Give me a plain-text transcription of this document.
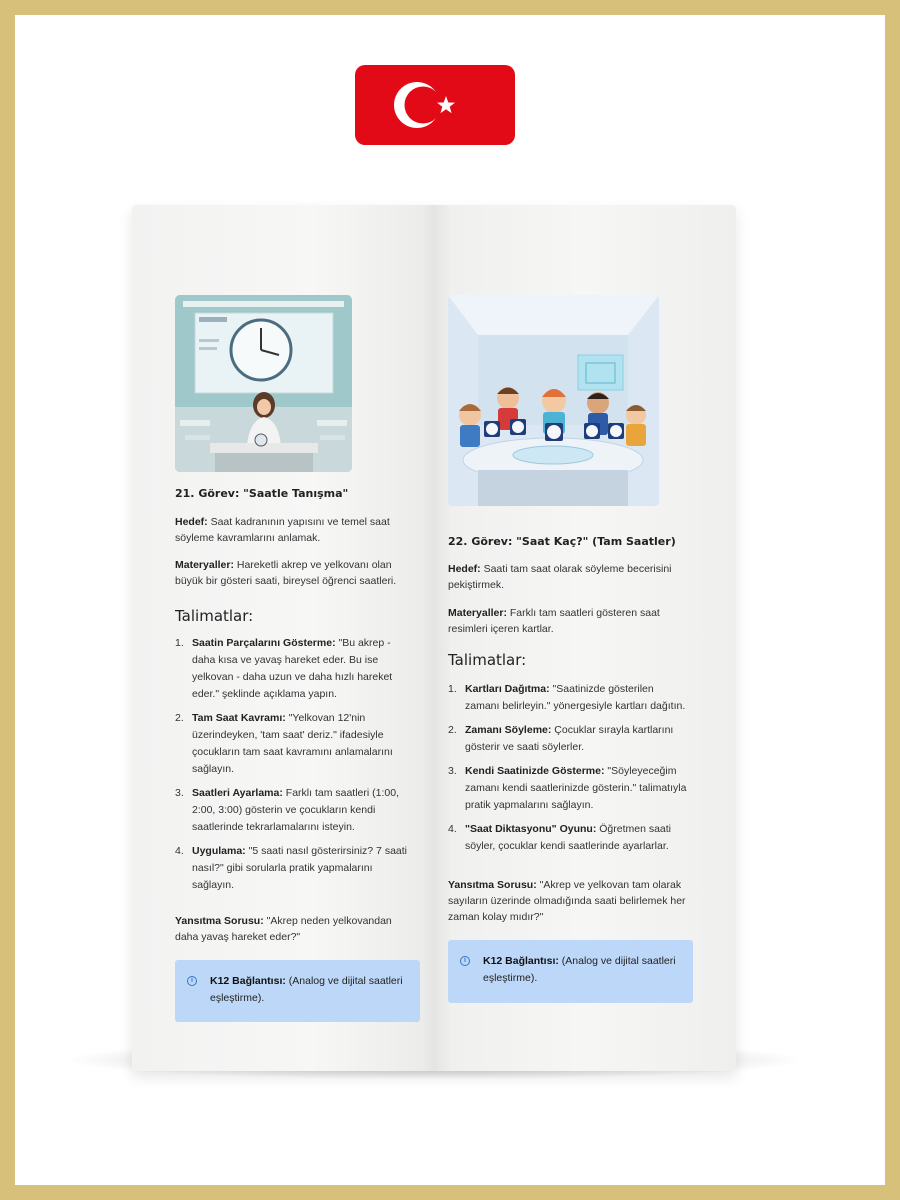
21. Görev: "Saatle Tanışma"
Hedef: Saat kadranının yapısını ve temel saat söyleme kavramlarını anlamak.
Materyaller: Hareketli akrep ve yelkovanı olan büyük bir gösteri saati, bireysel öğrenci saatleri.
Talimatlar:
1. Saatin Parçalarını Gösterme: "Bu akrep - daha kısa ve yavaş hareket eder. Bu ise yelkovan - daha uzun ve daha hızlı hareket eder." şeklinde açıklama yapın.
2. Tam Saat Kavramı: "Yelkovan 12'nin üzerindeyken, 'tam saat' deriz." ifadesiyle çocukların tam saat kavramını anlamalarını sağlayın.
3. Saatleri Ayarlama: Farklı tam saatleri (1:00, 2:00, 3:00) gösterin ve çocukların kendi saatlerinde tekrarlamalarını isteyin.
4. Uygulama: "5 saati nasıl gösterirsiniz? 7 saati nasıl?" gibi sorularla pratik yapmalarını sağlayın.
Yansıtma Sorusu: "Akrep neden yelkovandan daha yavaş hareket eder?"
i	K12 Bağlantısı: (Analog ve dijital saatleri eşleştirme).
22. Görev: "Saat Kaç?" (Tam Saatler)
Hedef: Saati tam saat olarak söyleme becerisini pekiştirmek.
Materyaller: Farklı tam saatleri gösteren saat resimleri içeren kartlar.
Talimatlar:
1. Kartları Dağıtma: "Saatinizde gösterilen zamanı belirleyin." yönergesiyle kartları dağıtın.
2. Zamanı Söyleme: Çocuklar sırayla kartlarını gösterir ve saati söylerler.
3. Kendi Saatinizde Gösterme: "Söyleyeceğim zamanı kendi saatlerinizde gösterin." talimatıyla pratik yapmalarını sağlayın.
4. "Saat Diktasyonu" Oyunu: Öğretmen saati söyler, çocuklar kendi saatlerinde ayarlarlar.
Yansıtma Sorusu: "Akrep ve yelkovan tam olarak sayıların üzerinde olmadığında saati belirlemek her zaman kolay mıdır?"
i	K12 Bağlantısı: (Analog ve dijital saatleri eşleştirme).
